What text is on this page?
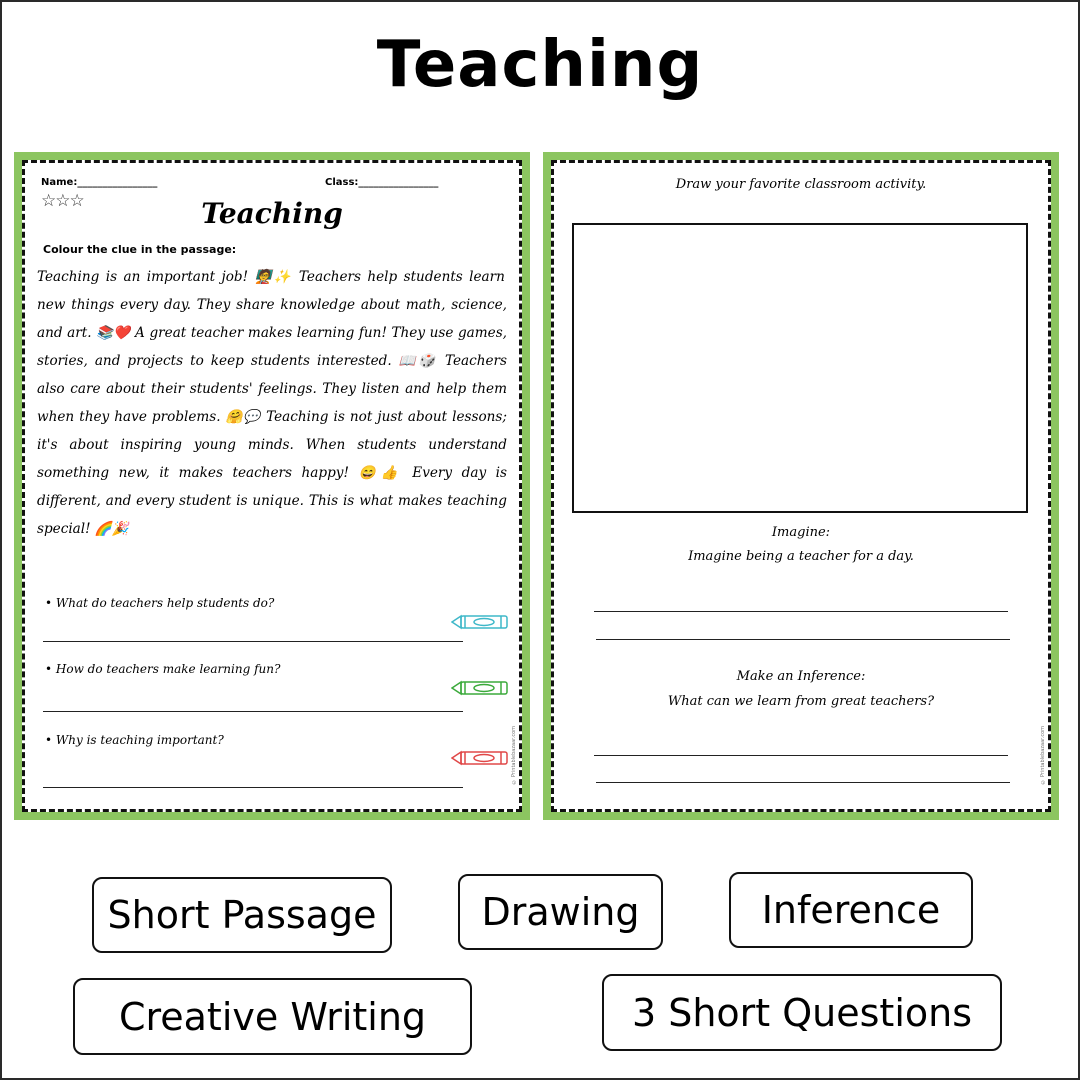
Teaching
Name:________________	Class:________________
☆☆☆	Teaching
Colour the clue in the passage:
Teaching is an important job! 🧑‍🏫✨ Teachers help students learn new things every day. They share knowledge about math, science, and art. 📚❤️ A great teacher makes learning fun! They use games, stories, and projects to keep students interested. 📖🎲 Teachers also care about their students' feelings. They listen and help them when they have problems. 🤗💬 Teaching is not just about lessons; it's about inspiring young minds. When students understand something new, it makes teachers happy! 😄👍 Every day is different, and every student is unique. This is what makes teaching special! 🌈🎉
• What do teachers help students do?
• How do teachers make learning fun?
• Why is teaching important?	© Printablebazaar.com
Draw your favorite classroom activity.
Imagine:
Imagine being a teacher for a day.
Make an Inference:
What can we learn from great teachers?
© Printablebazaar.com
Short Passage	Drawing	Inference
Creative Writing	3 Short Questions
